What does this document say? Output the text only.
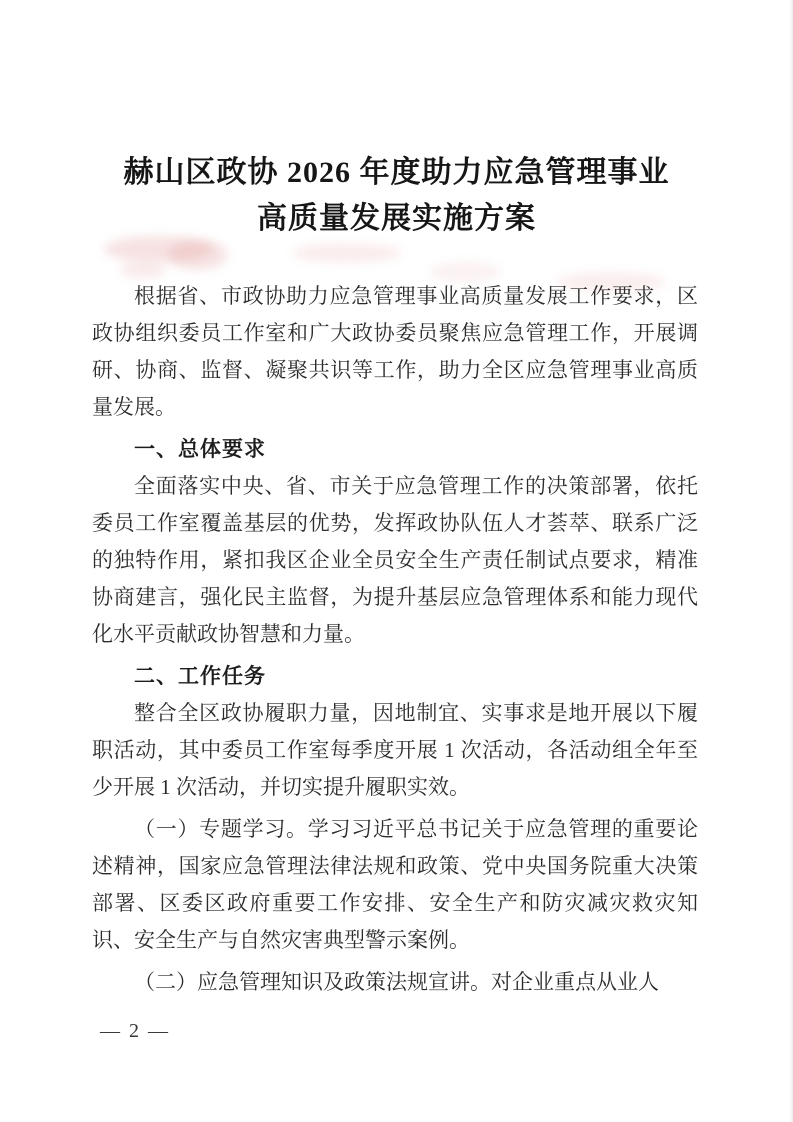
赫山区政协 2026 年度助力应急管理事业
高质量发展实施方案

根据省、市政协助力应急管理事业高质量发展工作要求，区政协组织委员工作室和广大政协委员聚焦应急管理工作，开展调研、协商、监督、凝聚共识等工作，助力全区应急管理事业高质量发展。

一、总体要求

全面落实中央、省、市关于应急管理工作的决策部署，依托委员工作室覆盖基层的优势，发挥政协队伍人才荟萃、联系广泛的独特作用，紧扣我区企业全员安全生产责任制试点要求，精准协商建言，强化民主监督，为提升基层应急管理体系和能力现代化水平贡献政协智慧和力量。

二、工作任务

整合全区政协履职力量，因地制宜、实事求是地开展以下履职活动，其中委员工作室每季度开展 1 次活动，各活动组全年至少开展 1 次活动，并切实提升履职实效。

（一）专题学习。学习习近平总书记关于应急管理的重要论述精神，国家应急管理法律法规和政策、党中央国务院重大决策部署、区委区政府重要工作安排、安全生产和防灾减灾救灾知识、安全生产与自然灾害典型警示案例。

（二）应急管理知识及政策法规宣讲。对企业重点从业人

— 2 —
